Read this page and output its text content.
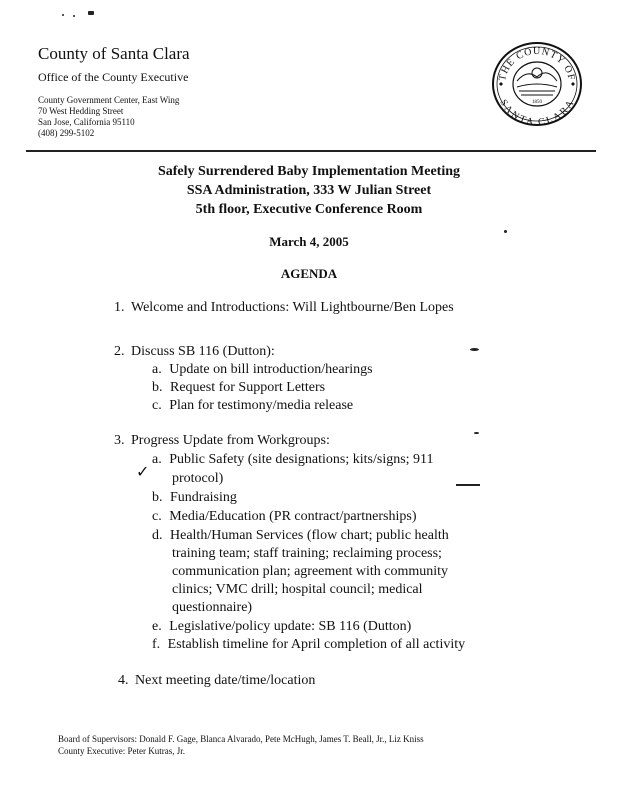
County of Santa Clara
Office of the County Executive
County Government Center, East Wing
70 West Hedding Street
San Jose, California 95110
(408) 299-5102
THE COUNTY OF
SANTA CLARA
1850
Safely Surrendered Baby Implementation Meeting
SSA Administration, 333 W Julian Street
5th floor, Executive Conference Room
March 4, 2005
AGENDA
1. Welcome and Introductions: Will Lightbourne/Ben Lopes
2. Discuss SB 116 (Dutton):
a. Update on bill introduction/hearings
b. Request for Support Letters
c. Plan for testimony/media release
3. Progress Update from Workgroups:
✓
a. Public Safety (site designations; kits/signs; 911
protocol)
b. Fundraising
c. Media/Education (PR contract/partnerships)
d. Health/Human Services (flow chart; public health
training team; staff training; reclaiming process;
communication plan; agreement with community
clinics; VMC drill; hospital council; medical
questionnaire)
e. Legislative/policy update: SB 116 (Dutton)
f. Establish timeline for April completion of all activity
4. Next meeting date/time/location
Board of Supervisors: Donald F. Gage, Blanca Alvarado, Pete McHugh, James T. Beall, Jr., Liz Kniss
County Executive: Peter Kutras, Jr.
